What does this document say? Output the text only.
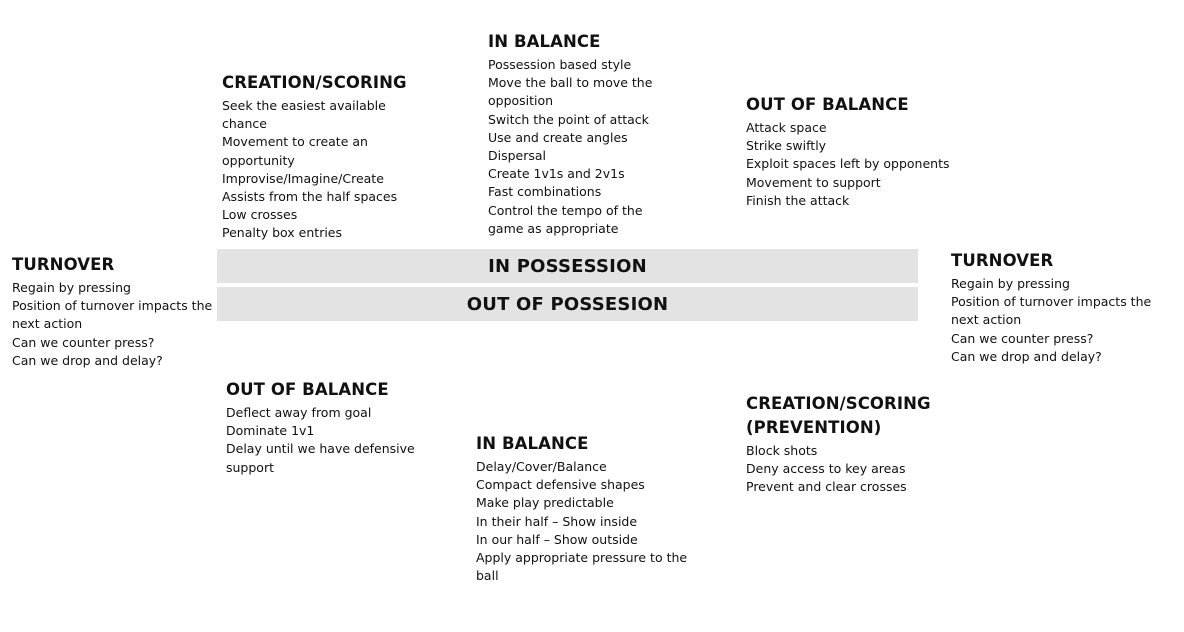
IN POSSESSION
OUT OF POSSESION
IN BALANCE
Possession based style
Move the ball to move the
opposition
Switch the point of attack
Use and create angles
Dispersal
Create 1v1s and 2v1s
Fast combinations
Control the tempo of the
game as appropriate
CREATION/SCORING
Seek the easiest available
chance
Movement to create an
opportunity
Improvise/Imagine/Create
Assists from the half spaces
Low crosses
Penalty box entries
OUT OF BALANCE
Attack space
Strike swiftly
Exploit spaces left by opponents
Movement to support
Finish the attack
TURNOVER
Regain by pressing
Position of turnover impacts the
next action
Can we counter press?
Can we drop and delay?
TURNOVER
Regain by pressing
Position of turnover impacts the
next action
Can we counter press?
Can we drop and delay?
OUT OF BALANCE
Deflect away from goal
Dominate 1v1
Delay until we have defensive
support
IN BALANCE
Delay/Cover/Balance
Compact defensive shapes
Make play predictable
In their half – Show inside
In our half – Show outside
Apply appropriate pressure to the
ball
CREATION/SCORING
(PREVENTION)
Block shots
Deny access to key areas
Prevent and clear crosses
